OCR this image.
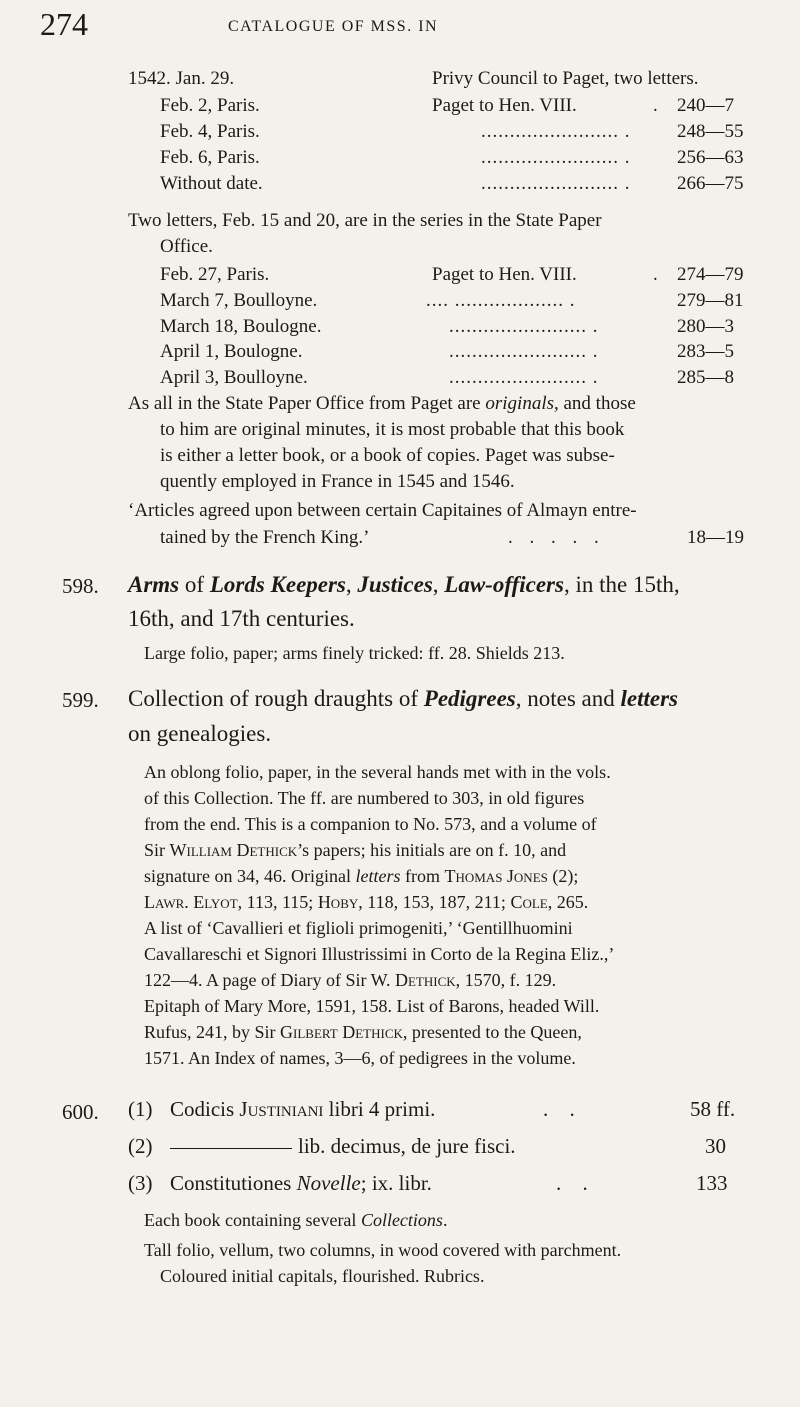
274	CATALOGUE OF MSS. IN
1542. Jan. 29.	Privy Council to Paget, two letters.
Feb. 2, Paris.	Paget to Hen. VIII.	. 240—7
Feb. 4, Paris.	........................ . 248—55
Feb. 6, Paris.	........................ . 256—63
Without date.	........................ . 266—75
Two letters, Feb. 15 and 20, are in the series in the State Paper
Office.
Feb. 27, Paris.	Paget to Hen. VIII.	. 274—79
March 7, Boulloyne.	.... ................... .	279—81
March 18, Boulogne.	........................ .	280—3
April 1, Boulogne.	........................ .	283—5
April 3, Boulloyne.	........................ .	285—8
As all in the State Paper Office from Paget are originals, and those
to him are original minutes, it is most probable that this book
is either a letter book, or a book of copies. Paget was subse-
quently employed in France in 1545 and 1546.
‘Articles agreed upon between certain Capitaines of Almayn entre-
tained by the French King.’	. . . . .	18—19
598. Arms of Lords Keepers, Justices, Law-officers, in the 15th,
16th, and 17th centuries.
Large folio, paper; arms finely tricked: ff. 28. Shields 213.
599. Collection of rough draughts of Pedigrees, notes and letters
on genealogies.
An oblong folio, paper, in the several hands met with in the vols.
of this Collection. The ff. are numbered to 303, in old figures
from the end. This is a companion to No. 573, and a volume of
Sir William Dethick’s papers; his initials are on f. 10, and
signature on 34, 46. Original letters from Thomas Jones (2);
Lawr. Elyot, 113, 115; Hoby, 118, 153, 187, 211; Cole, 265.
A list of ‘Cavallieri et figlioli primogeniti,’ ‘Gentillhuomini
Cavallareschi et Signori Illustrissimi in Corto de la Regina Eliz.,’
122—4. A page of Diary of Sir W. Dethick, 1570, f. 129.
Epitaph of Mary More, 1591, 158. List of Barons, headed Will.
Rufus, 241, by Sir Gilbert Dethick, presented to the Queen,
1571. An Index of names, 3—6, of pedigrees in the volume.
600. (1) Codicis Justiniani libri 4 primi.	. .	58 ff.
(2)	lib. decimus, de jure fisci.	30
(3) Constitutiones Novelle; ix. libr.	. .	133
Each book containing several Collections.
Tall folio, vellum, two columns, in wood covered with parchment.
Coloured initial capitals, flourished. Rubrics.
